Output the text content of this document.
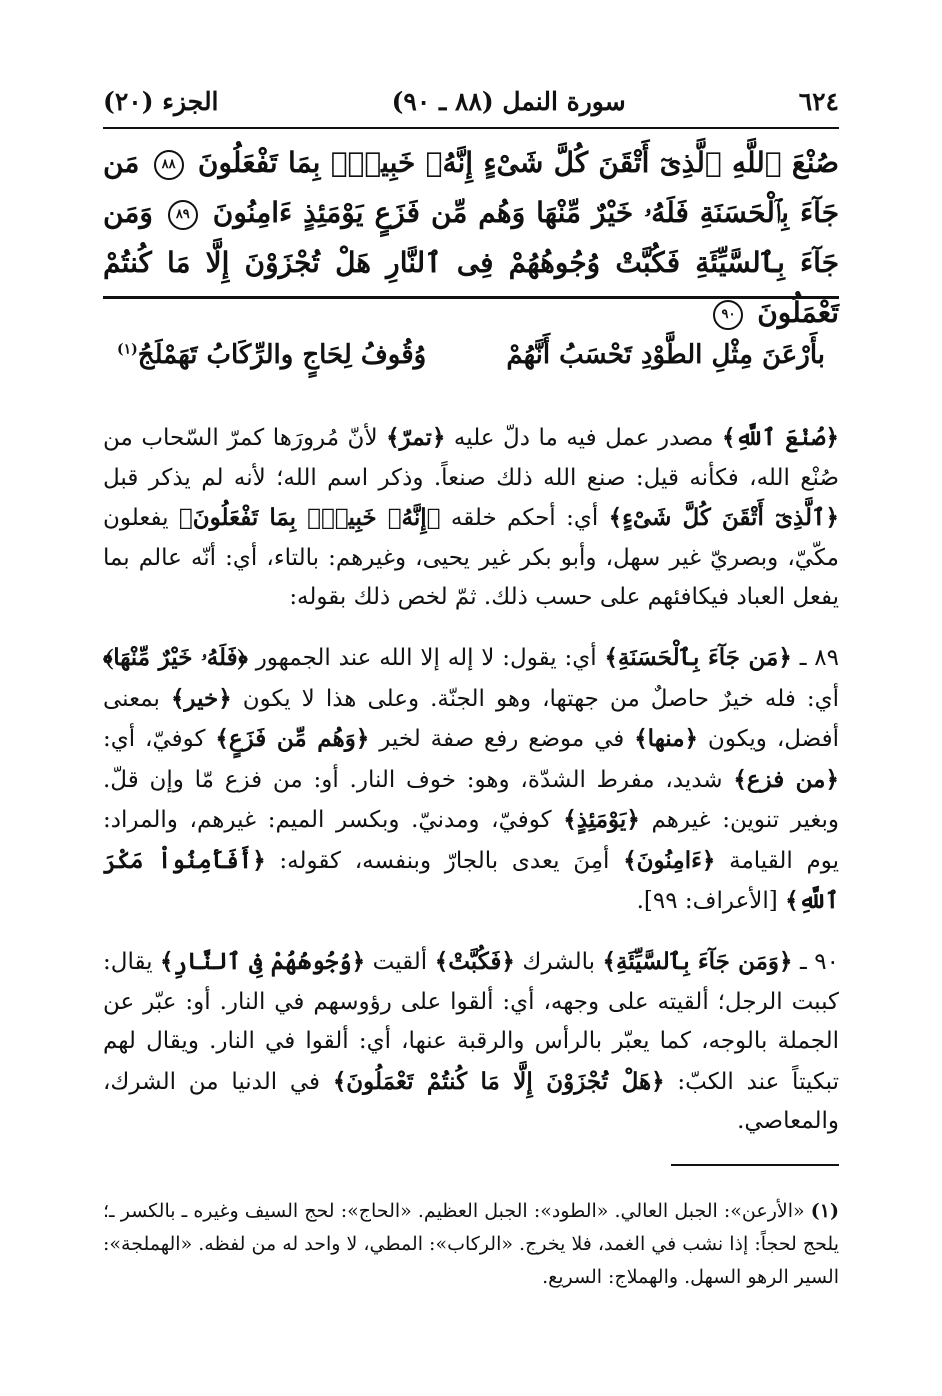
٦٢٤
سورة النمل (٨٨ ـ ٩٠)
الجزء (٢٠)
صُنْعَ ٱللَّهِ ٱلَّذِىٓ أَتْقَنَ كُلَّ شَىْءٍ إِنَّهُۥ خَبِيرٌۢ بِمَا تَفْعَلُونَ ٨٨ مَن جَآءَ بِٱلْحَسَنَةِ فَلَهُۥ خَيْرٌ مِّنْهَا وَهُم مِّن فَزَعٍ يَوْمَئِذٍ ءَامِنُونَ ٨٩ وَمَن جَآءَ بِٱلسَّيِّئَةِ فَكُبَّتْ وُجُوهُهُمْ فِى ٱلنَّارِ هَلْ تُجْزَوْنَ إِلَّا مَا كُنتُمْ تَعْمَلُونَ ٩٠
بأَرْعَنَ مِثْلِ الطَّوْدِ تَحْسَبُ أَنَّهُمْ
وُقُوفُ لِحَاجٍ والرِّكَابُ تَهَمْلَجُ$^{(١)}$
﴿صُنْعَ ٱللَّهِ﴾ مصدر عمل فيه ما دلّ عليه ﴿تمرّ﴾ لأنّ مُرورَها كمرّ السّحاب من صُنْع الله، فكأنه قيل: صنع الله ذلك صنعاً. وذكر اسم الله؛ لأنه لم يذكر قبل ﴿ٱلَّذِىٓ أَتْقَنَ كُلَّ شَىْءٍ﴾ أي: أحكم خلقه ﴿إِنَّهُۥ خَبِيرٌۢ بِمَا تَفْعَلُونَ﴾ يفعلون مكّيّ، وبصريّ غير سهل، وأبو بكر غير يحيى، وغيرهم: بالتاء، أي: أنّه عالم بما يفعل العباد فيكافئهم على حسب ذلك. ثمّ لخص ذلك بقوله:
٨٩ ـ ﴿مَن جَآءَ بِٱلْحَسَنَةِ﴾ أي: يقول: لا إله إلا الله عند الجمهور ﴿فَلَهُۥ خَيْرٌ مِّنْهَا﴾ أي: فله خيرٌ حاصلٌ من جهتها، وهو الجنّة. وعلى هذا لا يكون ﴿خير﴾ بمعنى أفضل، ويكون ﴿منها﴾ في موضع رفع صفة لخير ﴿وَهُم مِّن فَزَعٍ﴾ كوفيّ، أي: ﴿من فزع﴾ شديد، مفرط الشدّة، وهو: خوف النار. أو: من فزع مّا وإن قلّ. وبغير تنوين: غيرهم ﴿يَوْمَئِذٍ﴾ كوفيّ، ومدنيّ. وبكسر الميم: غيرهم، والمراد: يوم القيامة ﴿ءَامِنُونَ﴾ أمِنَ يعدى بالجارّ وبنفسه، كقوله: ﴿أَفَأَمِنُواْ مَكْرَ ٱللَّهِ﴾ [الأعراف: ٩٩].
٩٠ ـ ﴿وَمَن جَآءَ بِٱلسَّيِّئَةِ﴾ بالشرك ﴿فَكُبَّتْ﴾ ألقيت ﴿وُجُوهُهُمْ فِى ٱلنَّارِ﴾ يقال: كببت الرجل؛ ألقيته على وجهه، أي: ألقوا على رؤوسهم في النار. أو: عبّر عن الجملة بالوجه، كما يعبّر بالرأس والرقبة عنها، أي: ألقوا في النار. ويقال لهم تبكيتاً عند الكبّ: ﴿هَلْ تُجْزَوْنَ إِلَّا مَا كُنتُمْ تَعْمَلُونَ﴾ في الدنيا من الشرك، والمعاصي.
(١) «الأرعن»: الجبل العالي. «الطود»: الجبل العظيم. «الحاج»: لحج السيف وغيره ـ بالكسر ـ؛ يلحج لحجاً: إذا نشب في الغمد، فلا يخرج. «الركاب»: المطي، لا واحد له من لفظه. «الهملجة»: السير الرهو السهل. والهملاج: السريع.
